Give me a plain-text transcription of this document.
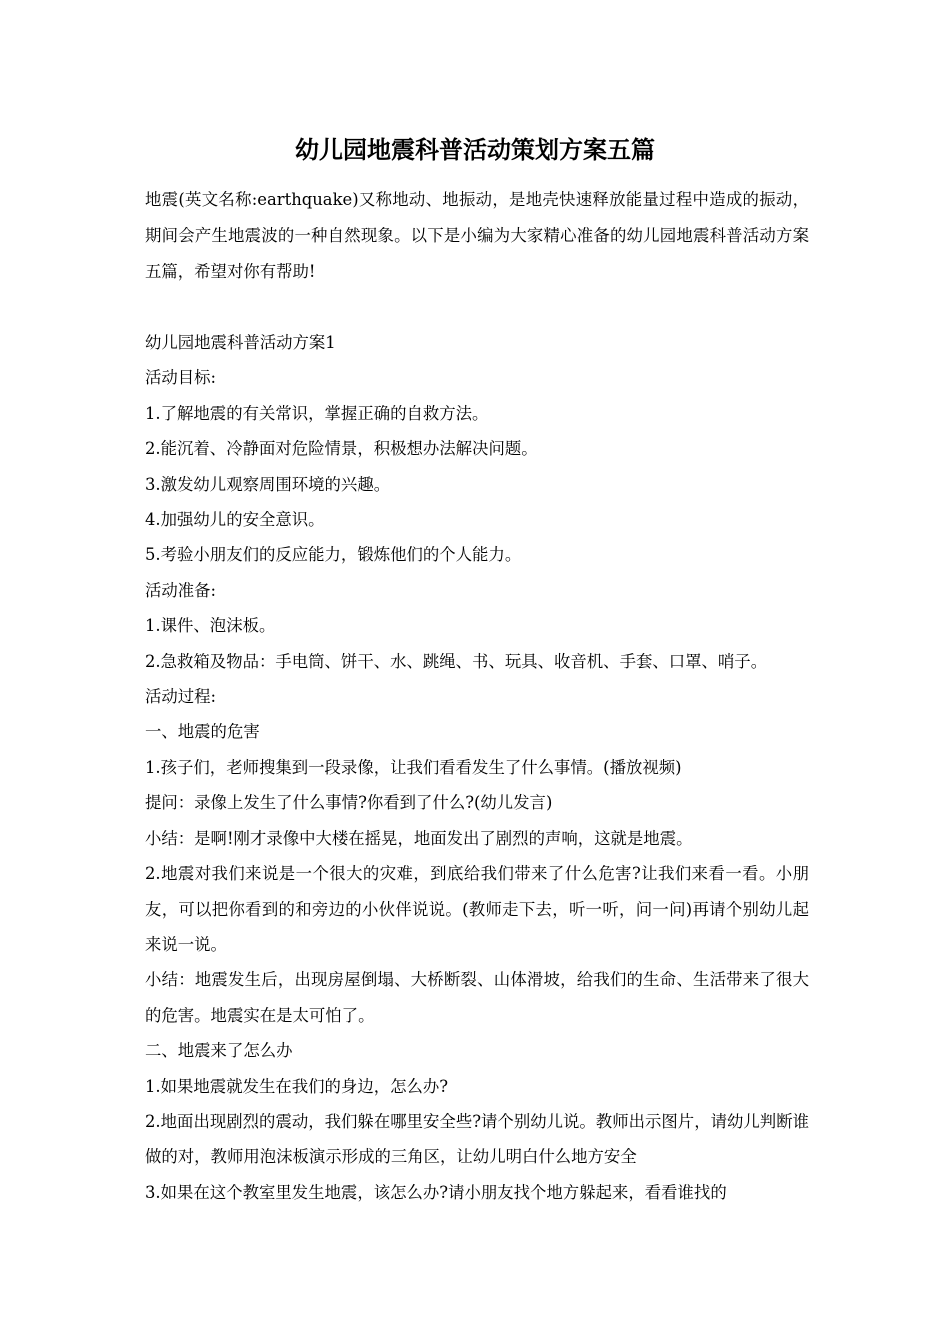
幼儿园地震科普活动策划方案五篇

地震(英文名称:earthquake)又称地动、地振动，是地壳快速释放能量过程中造成的振动，期间会产生地震波的一种自然现象。以下是小编为大家精心准备的幼儿园地震科普活动方案五篇，希望对你有帮助!

幼儿园地震科普活动方案1

活动目标:

1.了解地震的有关常识，掌握正确的自救方法。

2.能沉着、冷静面对危险情景，积极想办法解决问题。

3.激发幼儿观察周围环境的兴趣。

4.加强幼儿的安全意识。

5.考验小朋友们的反应能力，锻炼他们的个人能力。

活动准备:

1.课件、泡沫板。

2.急救箱及物品：手电筒、饼干、水、跳绳、书、玩具、收音机、手套、口罩、哨子。

活动过程:

一、地震的危害

1.孩子们，老师搜集到一段录像，让我们看看发生了什么事情。(播放视频)

提问：录像上发生了什么事情?你看到了什么?(幼儿发言)

小结：是啊!刚才录像中大楼在摇晃，地面发出了剧烈的声响，这就是地震。

2.地震对我们来说是一个很大的灾难，到底给我们带来了什么危害?让我们来看一看。小朋友，可以把你看到的和旁边的小伙伴说说。(教师走下去，听一听，问一问)再请个别幼儿起来说一说。

小结：地震发生后，出现房屋倒塌、大桥断裂、山体滑坡，给我们的生命、生活带来了很大的危害。地震实在是太可怕了。

二、地震来了怎么办

1.如果地震就发生在我们的身边，怎么办?

2.地面出现剧烈的震动，我们躲在哪里安全些?请个别幼儿说。教师出示图片，请幼儿判断谁做的对，教师用泡沫板演示形成的三角区，让幼儿明白什么地方安全

3.如果在这个教室里发生地震，该怎么办?请小朋友找个地方躲起来，看看谁找的
